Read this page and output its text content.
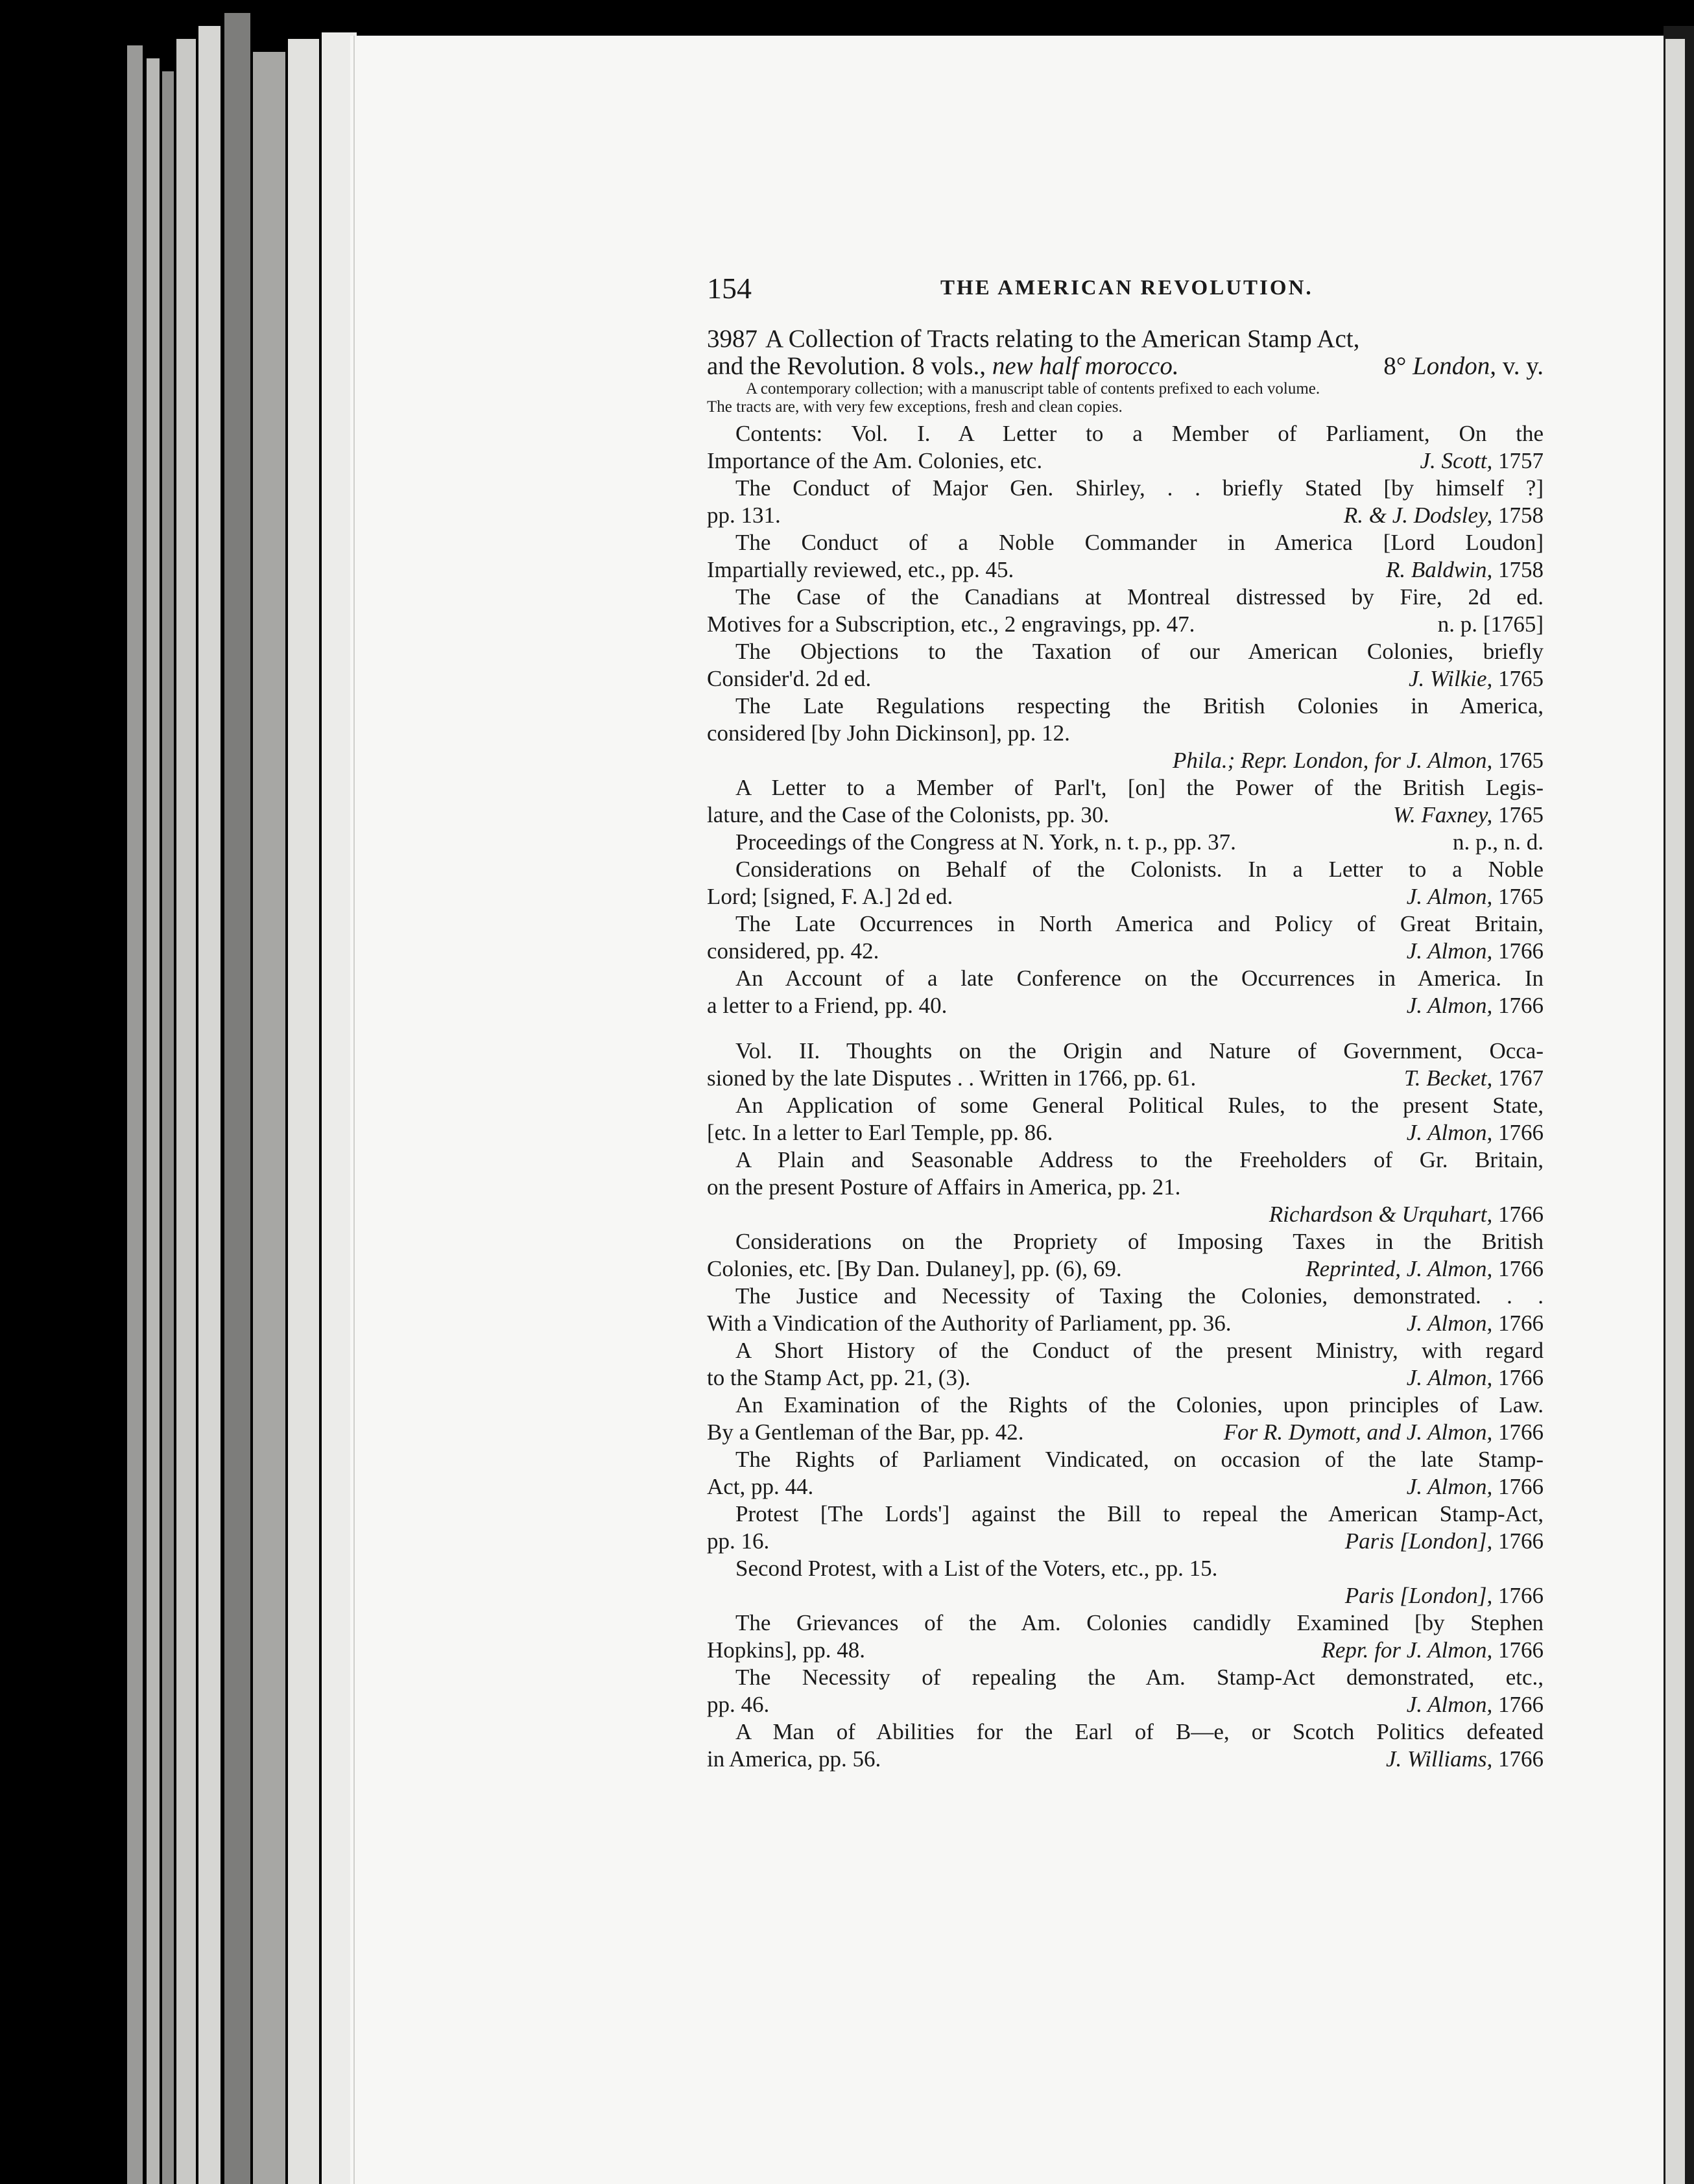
154	THE AMERICAN REVOLUTION.

3987 A Collection of Tracts relating to the American Stamp Act,

and the Revolution. 8 vols., new half morocco.	8° London, v. y.

A contemporary collection; with a manuscript table of contents prefixed to each volume.
The tracts are, with very few exceptions, fresh and clean copies.

Contents: Vol. I. A Letter to a Member of Parliament, On the
Importance of the Am. Colonies, etc.	J. Scott, 1757

The Conduct of Major Gen. Shirley, . . briefly Stated [by himself ?]
pp. 131.	R. & J. Dodsley, 1758

The Conduct of a Noble Commander in America [Lord Loudon]
Impartially reviewed, etc., pp. 45.	R. Baldwin, 1758

The Case of the Canadians at Montreal distressed by Fire, 2d ed.
Motives for a Subscription, etc., 2 engravings, pp. 47.	n. p. [1765]

The Objections to the Taxation of our American Colonies, briefly
Consider'd. 2d ed.	J. Wilkie, 1765

The Late Regulations respecting the British Colonies in America,
considered [by John Dickinson], pp. 12.
Phila.; Repr. London, for J. Almon, 1765

A Letter to a Member of Parl't, [on] the Power of the British Legis-
lature, and the Case of the Colonists, pp. 30.	W. Faxney, 1765

Proceedings of the Congress at N. York, n. t. p., pp. 37.	n. p., n. d.

Considerations on Behalf of the Colonists. In a Letter to a Noble
Lord; [signed, F. A.] 2d ed.	J. Almon, 1765

The Late Occurrences in North America and Policy of Great Britain,
considered, pp. 42.	J. Almon, 1766

An Account of a late Conference on the Occurrences in America. In
a letter to a Friend, pp. 40.	J. Almon, 1766

Vol. II. Thoughts on the Origin and Nature of Government, Occa-
sioned by the late Disputes . . Written in 1766, pp. 61.	T. Becket, 1767

An Application of some General Political Rules, to the present State,
[etc. In a letter to Earl Temple, pp. 86.	J. Almon, 1766

A Plain and Seasonable Address to the Freeholders of Gr. Britain,
on the present Posture of Affairs in America, pp. 21.
Richardson & Urquhart, 1766

Considerations on the Propriety of Imposing Taxes in the British
Colonies, etc. [By Dan. Dulaney], pp. (6), 69.	Reprinted, J. Almon, 1766

The Justice and Necessity of Taxing the Colonies, demonstrated. . .
With a Vindication of the Authority of Parliament, pp. 36.	J. Almon, 1766

A Short History of the Conduct of the present Ministry, with regard
to the Stamp Act, pp. 21, (3).	J. Almon, 1766

An Examination of the Rights of the Colonies, upon principles of Law.
By a Gentleman of the Bar, pp. 42.	For R. Dymott, and J. Almon, 1766

The Rights of Parliament Vindicated, on occasion of the late Stamp-
Act, pp. 44.	J. Almon, 1766

Protest [The Lords'] against the Bill to repeal the American Stamp-Act,
pp. 16.	Paris [London], 1766

Second Protest, with a List of the Voters, etc., pp. 15.
Paris [London], 1766

The Grievances of the Am. Colonies candidly Examined [by Stephen
Hopkins], pp. 48.	Repr. for J. Almon, 1766

The Necessity of repealing the Am. Stamp-Act demonstrated, etc.,
pp. 46.	J. Almon, 1766

A Man of Abilities for the Earl of B—e, or Scotch Politics defeated
in America, pp. 56.	J. Williams, 1766
